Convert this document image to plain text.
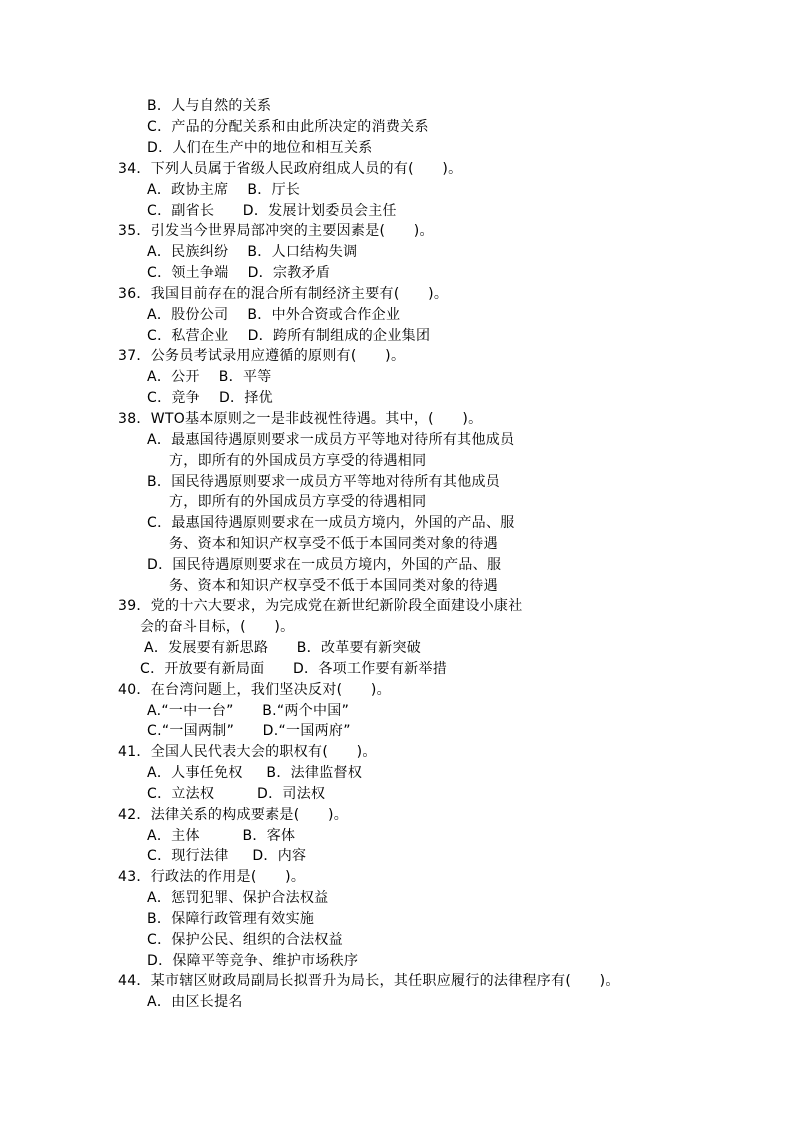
B．人与自然的关系
C．产品的分配关系和由此所决定的消费关系
D．人们在生产中的地位和相互关系
34．下列人员属于省级人民政府组成人员的有(      )。
A．政协主席    B．厅长
C．副省长      D．发展计划委员会主任
35．引发当今世界局部冲突的主要因素是(      )。
A．民族纠纷    B．人口结构失调
C．领土争端    D．宗教矛盾
36．我国目前存在的混合所有制经济主要有(      )。
A．股份公司    B．中外合资或合作企业
C．私营企业    D．跨所有制组成的企业集团
37．公务员考试录用应遵循的原则有(      )。
A．公开    B．平等
C．竞争    D．择优
38．WTO基本原则之一是非歧视性待遇。其中，(      )。
A．最惠国待遇原则要求一成员方平等地对待所有其他成员
方，即所有的外国成员方享受的待遇相同
B．国民待遇原则要求一成员方平等地对待所有其他成员
方，即所有的外国成员方享受的待遇相同
C．最惠国待遇原则要求在一成员方境内，外国的产品、服
务、资本和知识产权享受不低于本国同类对象的待遇
D．国民待遇原则要求在一成员方境内，外国的产品、服
务、资本和知识产权享受不低于本国同类对象的待遇
39．党的十六大要求，为完成党在新世纪新阶段全面建设小康社
会的奋斗目标，(      )。
A．发展要有新思路      B．改革要有新突破
C．开放要有新局面      D．各项工作要有新举措
40．在台湾问题上，我们坚决反对(      )。
A.“一中一台”      B.“两个中国”
C.“一国两制”      D.“一国两府”
41．全国人民代表大会的职权有(      )。
A．人事任免权     B．法律监督权
C．立法权         D．司法权
42．法律关系的构成要素是(      )。
A．主体         B．客体
C．现行法律     D．内容
43．行政法的作用是(      )。
A．惩罚犯罪、保护合法权益
B．保障行政管理有效实施
C．保护公民、组织的合法权益
D．保障平等竞争、维护市场秩序
44．某市辖区财政局副局长拟晋升为局长，其任职应履行的法律程序有(      )。
A．由区长提名
